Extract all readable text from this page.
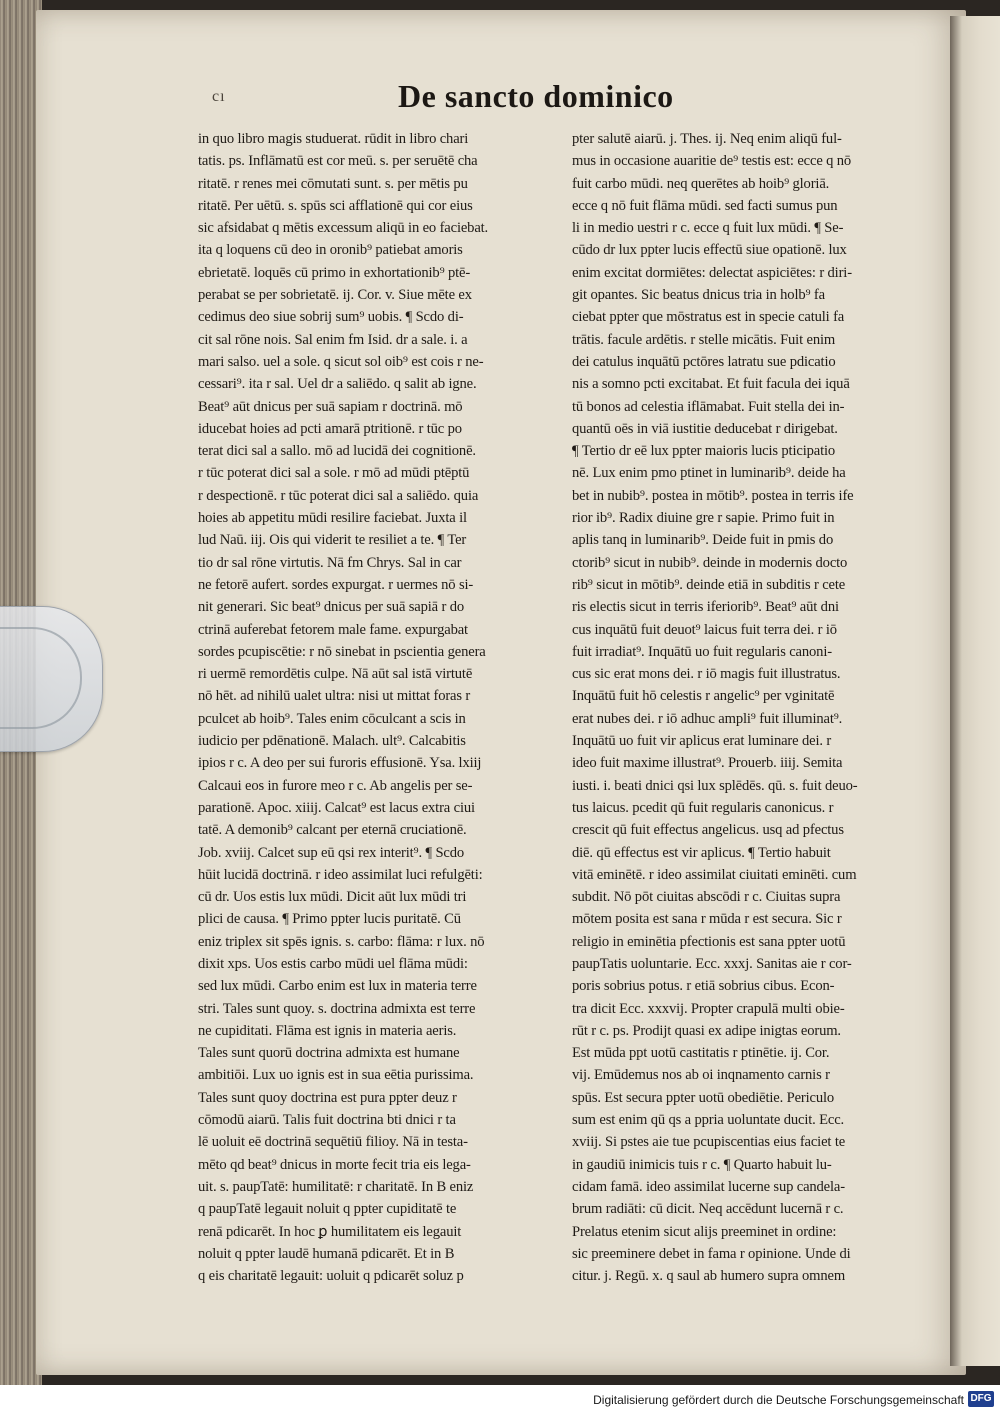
cı	De sancto dominico
in quo libro magis studuerat. rūdit in libro chari
tatis. ps. Inflāmatū est cor meū. s. per seruētē cha
ritatē. r renes mei cōmutati sunt. s. per mētis pu
ritatē. Per uētū. s. spūs sci afflationē qui cor eius
sic afsidabat q mētis excessum aliqū in eo faciebat.
ita q loquens cū deo in oronib⁹ patiebat amoris
ebrietatē. loquēs cū primo in exhortationib⁹ ptē-
perabat se per sobrietatē. ij. Cor. v. Siue mēte ex
cedimus deo siue sobrij sum⁹ uobis. ¶ Scdo di-
cit sal rōne nois. Sal enim fm Isid. dr a sale. i. a
mari salso. uel a sole. q sicut sol oib⁹ est cois r ne-
cessari⁹. ita r sal. Uel dr a saliēdo. q salit ab igne.
Beat⁹ aūt dnicus per suā sapiam r doctrinā. mō
iducebat hoies ad pcti amarā ptritionē. r tūc po
terat dici sal a sallo. mō ad lucidā dei cognitionē.
r tūc poterat dici sal a sole. r mō ad mūdi ptēptū
r despectionē. r tūc poterat dici sal a saliēdo. quia
hoies ab appetitu mūdi resilire faciebat. Juxta il
lud Naū. iij. Ois qui viderit te resiliet a te. ¶ Ter
tio dr sal rōne virtutis. Nā fm Chrys. Sal in car
ne fetorē aufert. sordes expurgat. r uermes nō si-
nit generari. Sic beat⁹ dnicus per suā sapiā r do
ctrinā auferebat fetorem male fame. expurgabat
sordes pcupiscētie: r nō sinebat in pscientia genera
ri uermē remordētis culpe. Nā aūt sal istā virtutē
nō hēt. ad nihilū ualet ultra: nisi ut mittat foras r
pculcet ab hoib⁹. Tales enim cōculcant a scis in
iudicio per pdēnationē. Malach. ult⁹. Calcabitis
ipios r c. A deo per sui furoris effusionē. Ysa. lxiij
Calcaui eos in furore meo r c. Ab angelis per se-
parationē. Apoc. xiiij. Calcat⁹ est lacus extra ciui
tatē. A demonib⁹ calcant per eternā cruciationē.
Job. xviij. Calcet sup eū qsi rex interit⁹. ¶ Scdo
hūit lucidā doctrinā. r ideo assimilat luci refulgēti:
cū dr. Uos estis lux mūdi. Dicit aūt lux mūdi tri
plici de causa. ¶ Primo ppter lucis puritatē. Cū
eniz triplex sit spēs ignis. s. carbo: flāma: r lux. nō
dixit xps. Uos estis carbo mūdi uel flāma mūdi:
sed lux mūdi. Carbo enim est lux in materia terre
stri. Tales sunt quoy. s. doctrina admixta est terre
ne cupiditati. Flāma est ignis in materia aeris.
Tales sunt quorū doctrina admixta est humane
ambitiōi. Lux uo ignis est in sua eētia purissima.
Tales sunt quoy doctrina est pura ppter deuz r
cōmodū aiarū. Talis fuit doctrina bti dnici r ta
lē uoluit eē doctrinā sequētiū filioy. Nā in testa-
mēto qd beat⁹ dnicus in morte fecit tria eis lega-
uit. s. paupTatē: humilitatē: r charitatē. In B eniz
q paupTatē legauit noluit q ppter cupiditatē te
renā pdicarēt. In hoc ꝑ humilitatem eis legauit
noluit q ppter laudē humanā pdicarēt. Et in B
q eis charitatē legauit: uoluit q pdicarēt soluz p
pter salutē aiarū. j. Thes. ij. Neq enim aliqū ful-
mus in occasione auaritie de⁹ testis est: ecce q nō
fuit carbo mūdi. neq querētes ab hoib⁹ gloriā.
ecce q nō fuit flāma mūdi. sed facti sumus pun
li in medio uestri r c. ecce q fuit lux mūdi. ¶ Se-
cūdo dr lux ppter lucis effectū siue opationē. lux
enim excitat dormiētes: delectat aspiciētes: r diri-
git opantes. Sic beatus dnicus tria in holb⁹ fa
ciebat ppter que mōstratus est in specie catuli fa
trātis. facule ardētis. r stelle micātis. Fuit enim
dei catulus inquātū pctōres latratu sue pdicatio
nis a somno pcti excitabat. Et fuit facula dei iquā
tū bonos ad celestia iflāmabat. Fuit stella dei in-
quantū oēs in viā iustitie deducebat r dirigebat.
¶ Tertio dr eē lux ppter maioris lucis pticipatio
nē. Lux enim pmo ptinet in luminarib⁹. deide ha
bet in nubib⁹. postea in mōtib⁹. postea in terris ife
rior ib⁹. Radix diuine gre r sapie. Primo fuit in
aplis tanq in luminarib⁹. Deide fuit in pmis do
ctorib⁹ sicut in nubib⁹. deinde in modernis docto
rib⁹ sicut in mōtib⁹. deinde etiā in subditis r cete
ris electis sicut in terris iferiorib⁹. Beat⁹ aūt dni
cus inquātū fuit deuot⁹ laicus fuit terra dei. r iō
fuit irradiat⁹. Inquātū uo fuit regularis canoni-
cus sic erat mons dei. r iō magis fuit illustratus.
Inquātū fuit hō celestis r angelic⁹ per vginitatē
erat nubes dei. r iō adhuc ampli⁹ fuit illuminat⁹.
Inquātū uo fuit vir aplicus erat luminare dei. r
ideo fuit maxime illustrat⁹. Prouerb. iiij. Semita
iusti. i. beati dnici qsi lux splēdēs. qū. s. fuit deuo-
tus laicus. pcedit qū fuit regularis canonicus. r
crescit qū fuit effectus angelicus. usq ad pfectus
diē. qū effectus est vir aplicus. ¶ Tertio habuit
vitā eminētē. r ideo assimilat ciuitati eminēti. cum
subdit. Nō pōt ciuitas abscōdi r c. Ciuitas supra
mōtem posita est sana r mūda r est secura. Sic r
religio in eminētia pfectionis est sana ppter uotū
paupTatis uoluntarie. Ecc. xxxj. Sanitas aie r cor-
poris sobrius potus. r etiā sobrius cibus. Econ-
tra dicit Ecc. xxxvij. Propter crapulā multi obie-
rūt r c. ps. Prodijt quasi ex adipe inigtas eorum.
Est mūda ppt uotū castitatis r ptinētie. ij. Cor.
vij. Emūdemus nos ab oi inqnamento carnis r
spūs. Est secura ppter uotū obediētie. Periculo
sum est enim qū qs a ppria uoluntate ducit. Ecc.
xviij. Si pstes aie tue pcupiscentias eius faciet te
in gaudiū inimicis tuis r c. ¶ Quarto habuit lu-
cidam famā. ideo assimilat lucerne sup candela-
brum radiāti: cū dicit. Neq accēdunt lucernā r c.
Prelatus etenim sicut alijs preeminet in ordine:
sic preeminere debet in fama r opinione. Unde di
citur. j. Regū. x. q saul ab humero supra omnem
Digitalisierung gefördert durch die Deutsche Forschungsgemeinschaft DFG
